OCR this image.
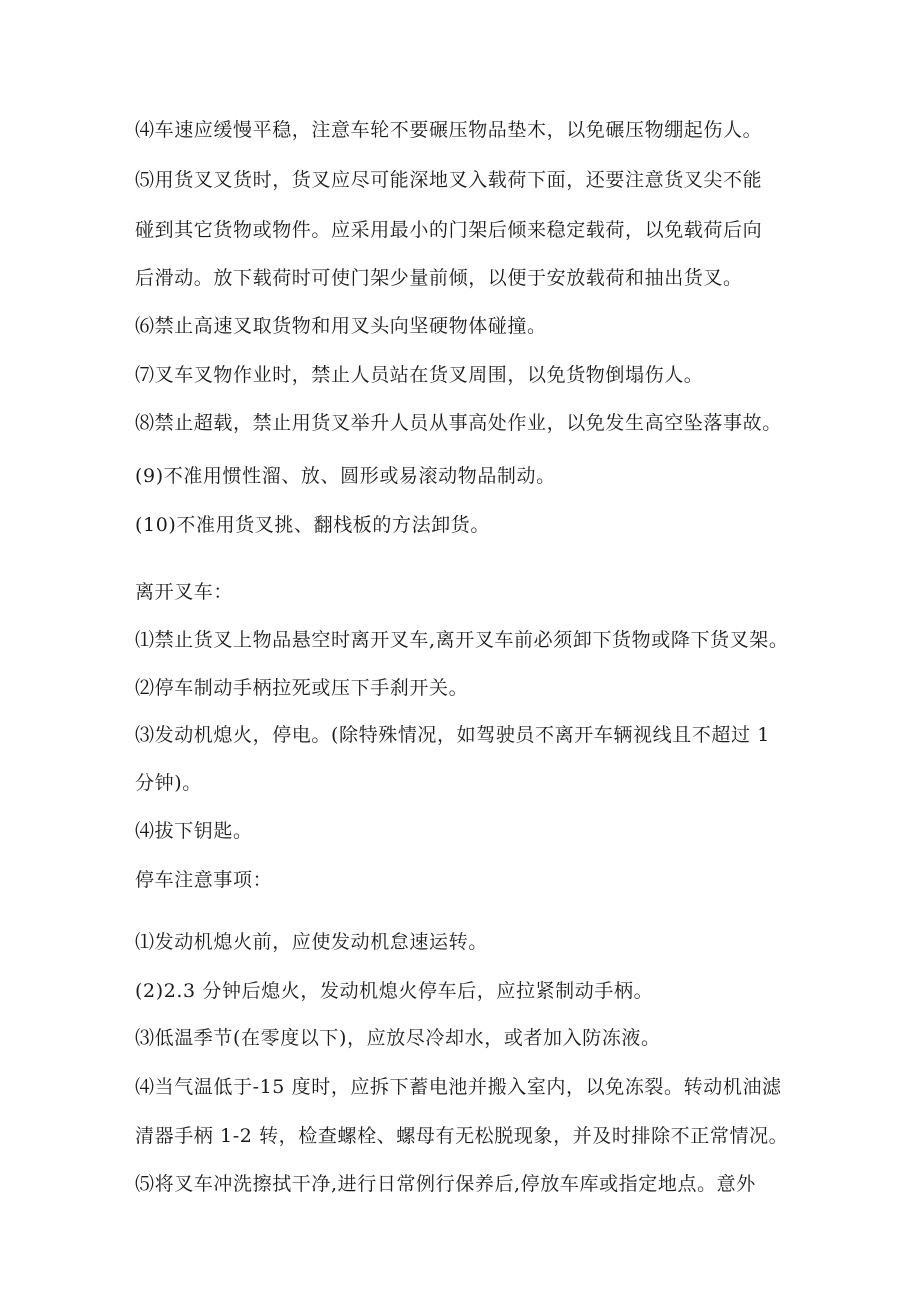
⑷车速应缓慢平稳，注意车轮不要碾压物品垫木，以免碾压物绷起伤人。
⑸用货叉叉货时，货叉应尽可能深地叉入载荷下面，还要注意货叉尖不能
碰到其它货物或物件。应采用最小的门架后倾来稳定载荷，以免载荷后向
后滑动。放下载荷时可使门架少量前倾，以便于安放载荷和抽出货叉。
⑹禁止高速叉取货物和用叉头向坚硬物体碰撞。
⑺叉车叉物作业时，禁止人员站在货叉周围，以免货物倒塌伤人。
⑻禁止超载，禁止用货叉举升人员从事高处作业，以免发生高空坠落事故。
(9)不准用惯性溜、放、圆形或易滚动物品制动。
(10)不准用货叉挑、翻栈板的方法卸货。
离开叉车：
⑴禁止货叉上物品悬空时离开叉车,离开叉车前必须卸下货物或降下货叉架。
⑵停车制动手柄拉死或压下手刹开关。
⑶发动机熄火，停电。(除特殊情况，如驾驶员不离开车辆视线且不超过 1
分钟)。
⑷拔下钥匙。
停车注意事项：
⑴发动机熄火前，应使发动机怠速运转。
(2)2.3 分钟后熄火，发动机熄火停车后，应拉紧制动手柄。
⑶低温季节(在零度以下)，应放尽冷却水，或者加入防冻液。
⑷当气温低于-15 度时，应拆下蓄电池并搬入室内，以免冻裂。转动机油滤
清器手柄 1-2 转，检查螺栓、螺母有无松脱现象，并及时排除不正常情况。
⑸将叉车冲洗擦拭干净,进行日常例行保养后,停放车库或指定地点。意外
